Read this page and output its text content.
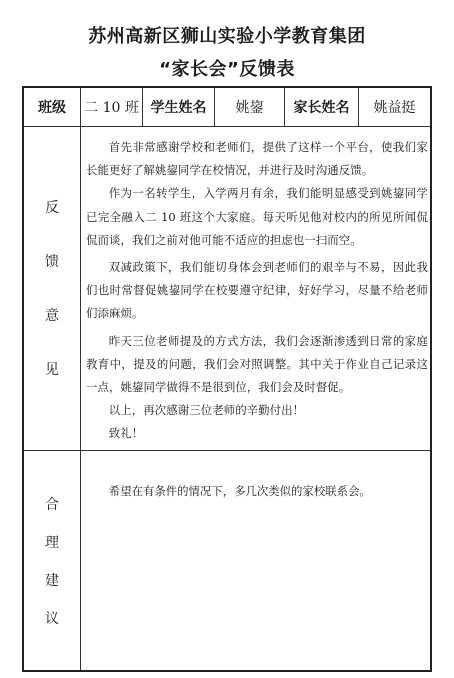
苏州高新区狮山实验小学教育集团
“家长会”反馈表
班级	二 10 班 学生姓名	姚鋆	家长姓名	姚益挺
反
馈
意
见

首先非常感谢学校和老师们，提供了这样一个平台，使我们家长能更好了解姚鋆同学在校情况，并进行及时沟通反馈。

作为一名转学生，入学两月有余，我们能明显感受到姚鋆同学已完全融入二 10 班这个大家庭。每天听见他对校内的所见所闻侃侃而谈，我们之前对他可能不适应的担虑也一扫而空。

双减政策下，我们能切身体会到老师们的艰辛与不易，因此我们也时常督促姚鋆同学在校要遵守纪律，好好学习，尽量不给老师们添麻烦。

昨天三位老师提及的方式方法，我们会逐渐渗透到日常的家庭教育中，提及的问题，我们会对照调整。其中关于作业自己记录这一点，姚鋆同学做得不是很到位，我们会及时督促。

以上，再次感谢三位老师的辛勤付出！

致礼！

合
理
建
议

希望在有条件的情况下，多几次类似的家校联系会。
